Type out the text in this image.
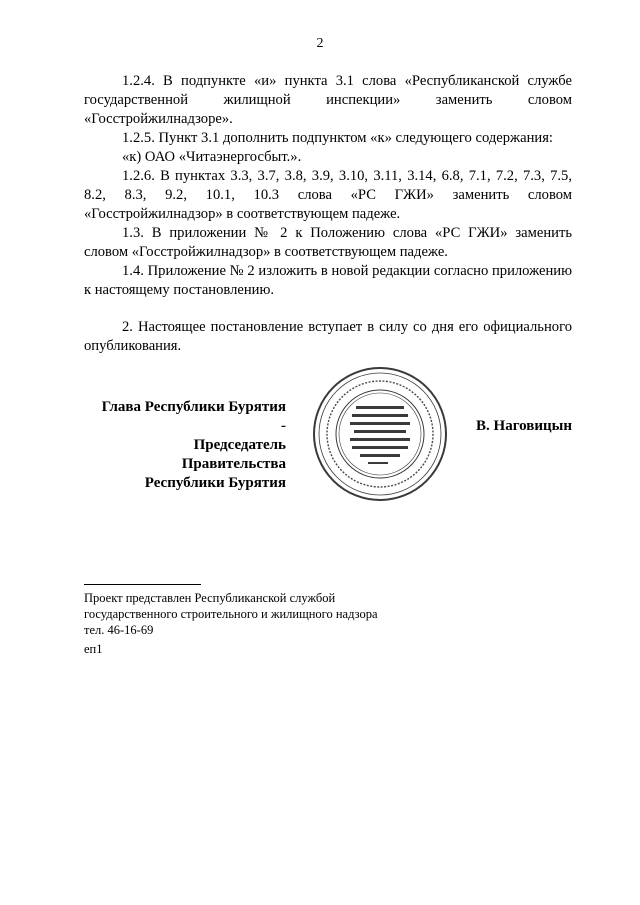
2

1.2.4. В подпункте «и» пункта 3.1 слова «Республиканской службе государственной жилищной инспекции» заменить словом «Госстройжилнадзоре».

1.2.5. Пункт 3.1 дополнить подпунктом «к» следующего содержания:

«к) ОАО «Читаэнергосбыт.».

1.2.6. В пунктах 3.3, 3.7, 3.8, 3.9, 3.10, 3.11, 3.14, 6.8, 7.1, 7.2, 7.3, 7.5, 8.2, 8.3, 9.2, 10.1, 10.3 слова «РС ГЖИ» заменить словом «Госстройжилнадзор» в соответствующем падеже.

1.3. В приложении № 2 к Положению слова «РС ГЖИ» заменить словом «Госстройжилнадзор» в соответствующем падеже.

1.4. Приложение № 2 изложить в новой редакции согласно приложению к настоящему постановлению.

2. Настоящее постановление вступает в силу со дня его официального опубликования.

Глава Республики Бурятия -
Председатель Правительства
Республики Бурятия
В. Наговицын
Проект представлен Республиканской службой
государственного строительного и жилищного надзора
тел. 46-16-69
еп1
